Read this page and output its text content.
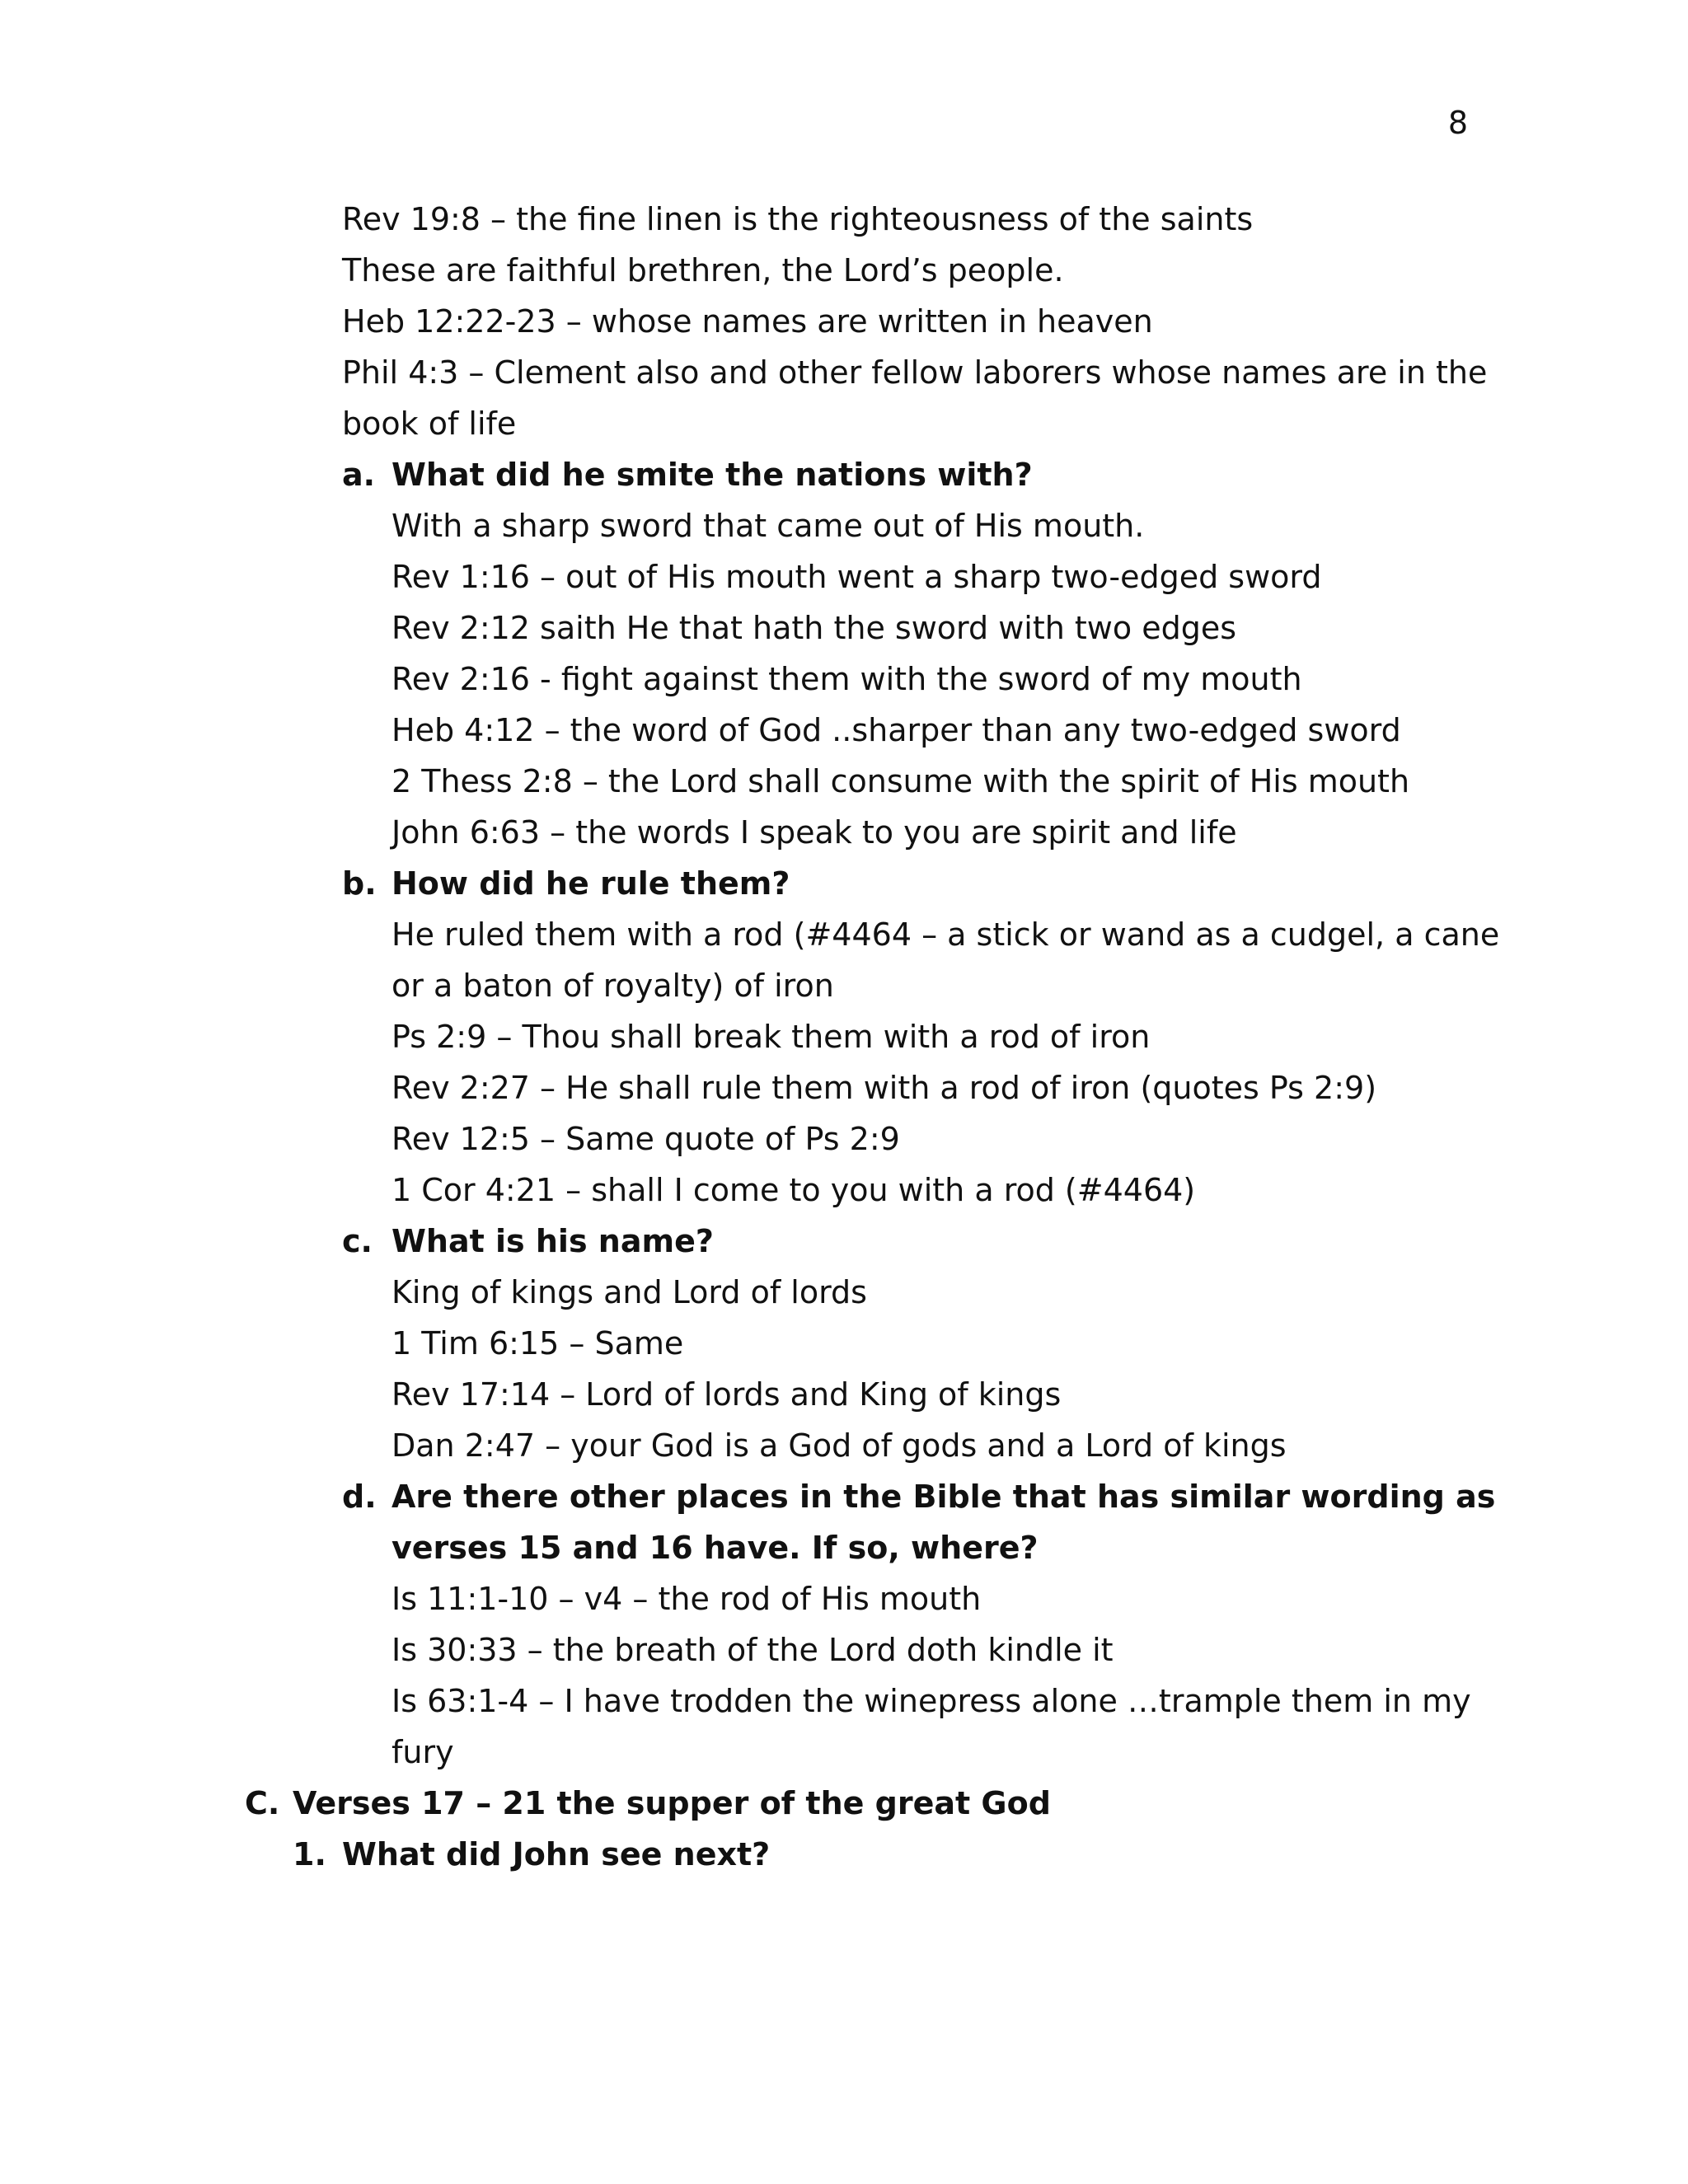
8
Rev 19:8 – the fine linen is the righteousness of the saints
These are faithful brethren, the Lord’s people.
Heb 12:22-23 – whose names are written in heaven
Phil 4:3 – Clement also and other fellow laborers whose names are in the
book of life
a. What did he smite the nations with?
With a sharp sword that came out of His mouth.
Rev 1:16 – out of His mouth went a sharp two-edged sword
Rev 2:12 saith He that hath the sword with two edges
Rev 2:16 - fight against them with the sword of my mouth
Heb 4:12 – the word of God ..sharper than any two-edged sword
2 Thess 2:8 – the Lord shall consume with the spirit of His mouth
John 6:63 – the words I speak to you are spirit and life
b. How did he rule them?
He ruled them with a rod (#4464 – a stick or wand as a cudgel, a cane
or a baton of royalty) of iron
Ps 2:9 – Thou shall break them with a rod of iron
Rev 2:27 – He shall rule them with a rod of iron (quotes Ps 2:9)
Rev 12:5 – Same quote of Ps 2:9
1 Cor 4:21 – shall I come to you with a rod (#4464)
c. What is his name?
King of kings and Lord of lords
1 Tim 6:15 – Same
Rev 17:14 – Lord of lords and King of kings
Dan 2:47 – your God is a God of gods and a Lord of kings
d. Are there other places in the Bible that has similar wording as
verses 15 and 16 have. If so, where?
Is 11:1-10 – v4 – the rod of His mouth
Is 30:33 – the breath of the Lord doth kindle it
Is 63:1-4 – I have trodden the winepress alone …trample them in my
fury
C. Verses 17 – 21 the supper of the great God
1. What did John see next?
